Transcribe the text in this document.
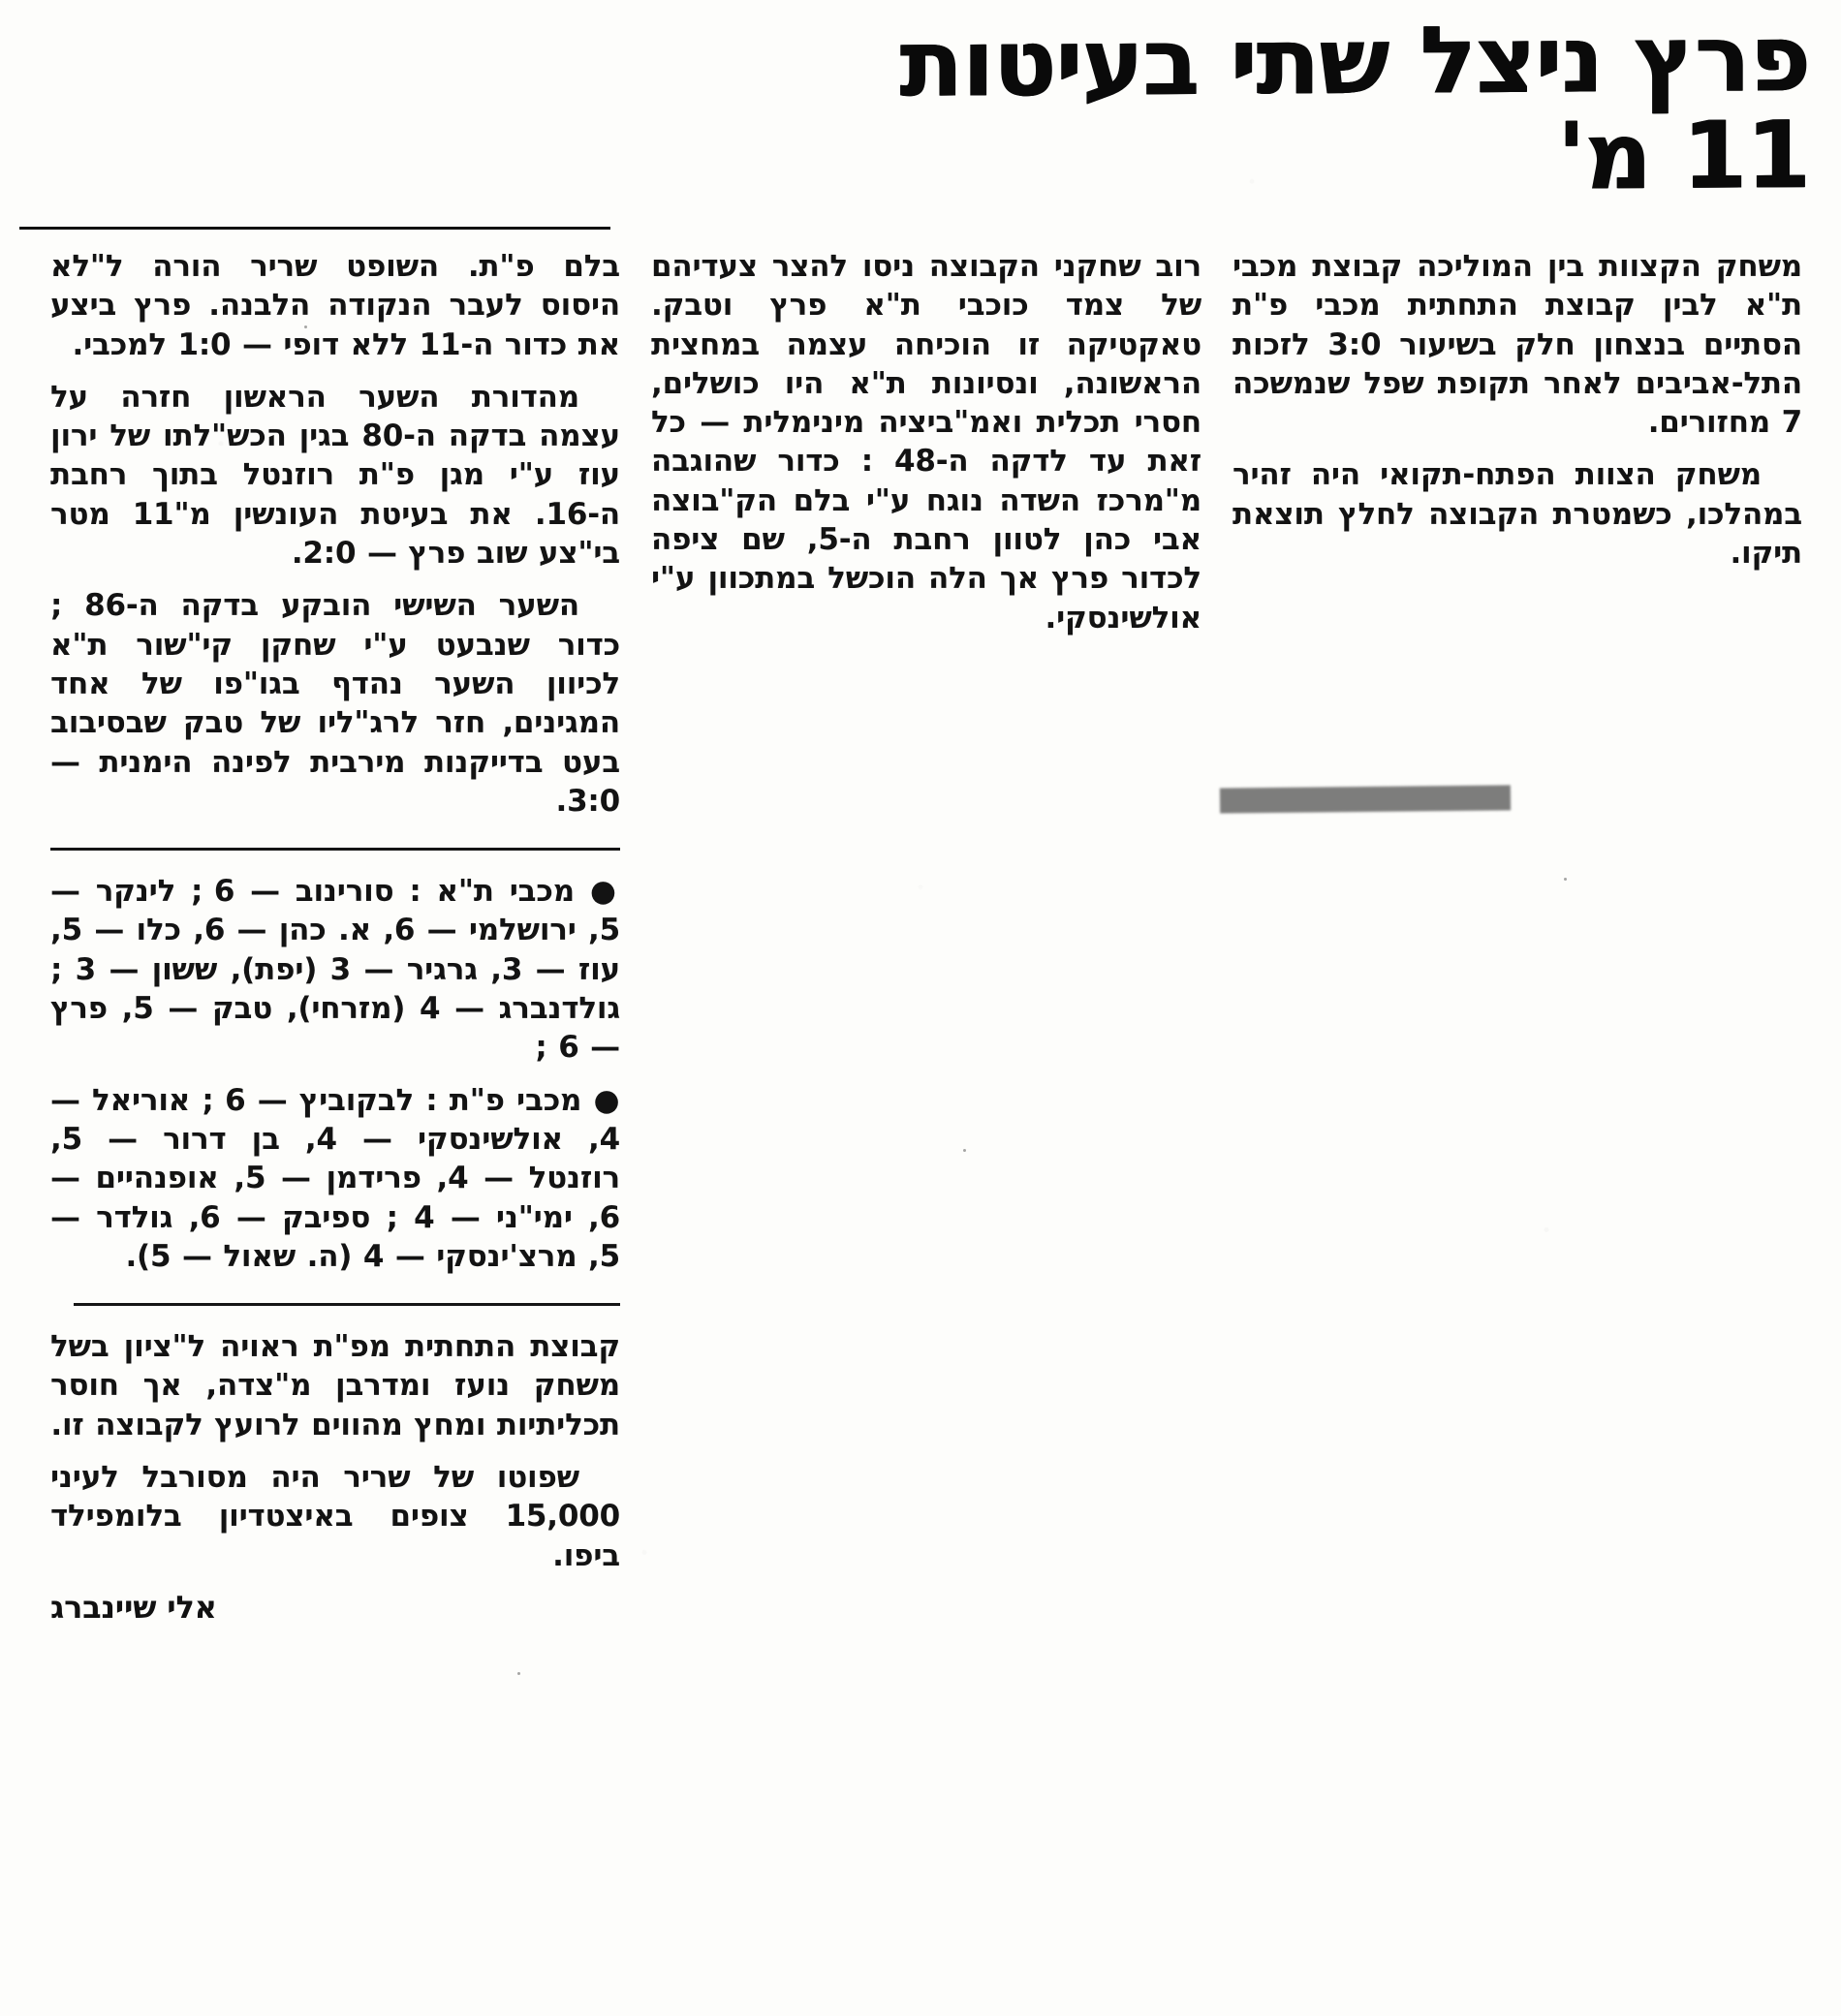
פרץ ניצל שתי בעיטות
11 מ'

משחק הקצוות בין המוליכה קבוצת מכבי ת"א לבין קבוצת התחתית מכבי פ"ת הסתיים בנצחון חלק בשיעור 3:0 לזכות התל-אביבים לאחר תקופת שפל שנמשכה 7 מחזורים.

משחק הצוות הפתח-תקואי היה זהיר במהלכו, כשמטרת הקבוצה לחלץ תוצאת תיקו.

רוב שחקני הקבוצה ניסו להצר צעדיהם של צמד כוכבי ת"א פרץ וטבק. טאקטיקה זו הוכיחה עצמה במחצית הראשונה, ונסיונות ת"א היו כושלים, חסרי תכלית ואמ"ביציה מינימלית — כל זאת עד לדקה ה-48 : כדור שהוגבה מ"מרכז השדה נוגח ע"י בלם הק"בוצה אבי כהן לטוון רחבת ה-5, שם ציפה לכדור פרץ אך הלה הוכשל במתכוון ע"י אולשינסקי.

בלם פ"ת. השופט שריר הורה ל"לא היסוס לעבר הנקודה הלבנה. פרץ ביצע את כדור ה-11 ללא דופי — 1:0 למכבי.

מהדורת השער הראשון חזרה על עצמה בדקה ה-80 בגין הכש"לתו של ירון עוז ע"י מגן פ"ת רוזנטל בתוך רחבת ה-16. את בעיטת העונשין מ"11 מטר בי"צע שוב פרץ — 2:0.

השער השישי הובקע בדקה ה-86 ; כדור שנבעט ע"י שחקן קי"שור ת"א לכיוון השער נהדף בגו"פו של אחד המגינים, חזר לרג"ליו של טבק שבסיבוב בעט בדייקנות מירבית לפינה הימנית — 3:0.

● מכבי ת"א : סורינוב — 6 ; לינקר — 5, ירושלמי — 6, א. כהן — 6, כלו — 5, עוז — 3, גרגיר — 3 (יפת), ששון — 3 ; גולדנברג — 4 (מזרחי), טבק — 5, פרץ — 6 ;

● מכבי פ"ת : לבקוביץ — 6 ; אוריאל — 4, אולשינסקי — 4, בן דרור — 5, רוזנטל — 4, פרידמן — 5, אופנהיים — 6, ימי"ני — 4 ; ספיבק — 6, גולדר — 5, מרצ'ינסקי — 4 (ה. שאול — 5).

קבוצת התחתית מפ"ת ראויה ל"ציון בשל משחק נועז ומדרבן מ"צדה, אך חוסר תכליתיות ומחץ מהווים לרועץ לקבוצה זו.

שפוטו של שריר היה מסורבל לעיני 15,000 צופים באיצטדיון בלומפילד ביפו.

אלי שיינברג
